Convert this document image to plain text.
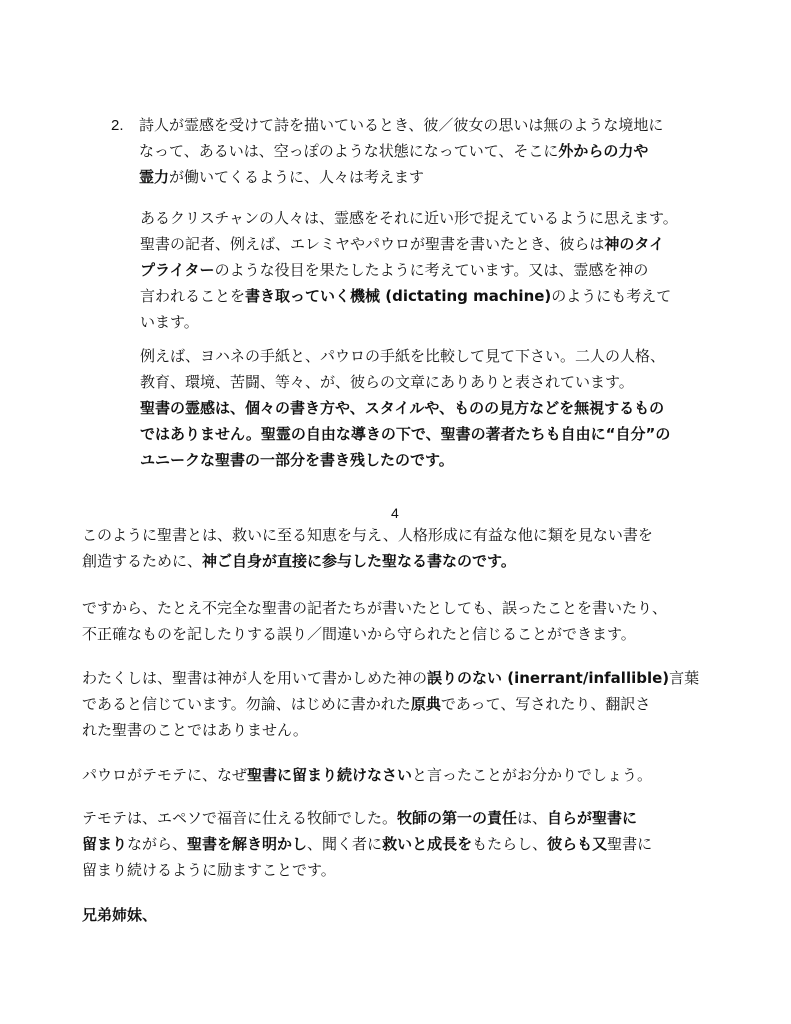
2. 詩人が霊感を受けて詩を描いているとき、彼／彼女の思いは無のような境地に
なって、あるいは、空っぽのような状態になっていて、そこに外からの力や
霊力が働いてくるように、人々は考えます
あるクリスチャンの人々は、霊感をそれに近い形で捉えているように思えます。
聖書の記者、例えば、エレミヤやパウロが聖書を書いたとき、彼らは神のタイ
プライターのような役目を果たしたように考えています。又は、霊感を神の
言われることを書き取っていく機械 (dictating machine)のようにも考えて
います。
例えば、ヨハネの手紙と、パウロの手紙を比較して見て下さい。二人の人格、
教育、環境、苦闘、等々、が、彼らの文章にありありと表されています。
聖書の霊感は、個々の書き方や、スタイルや、ものの見方などを無視するもの
ではありません。聖霊の自由な導きの下で、聖書の著者たちも自由に“自分”の
ユニークな聖書の一部分を書き残したのです。
4
このように聖書とは、救いに至る知恵を与え、人格形成に有益な他に類を見ない書を
創造するために、神ご自身が直接に参与した聖なる書なのです。
ですから、たとえ不完全な聖書の記者たちが書いたとしても、誤ったことを書いたり、
不正確なものを記したりする誤り／間違いから守られたと信じることができます。
わたくしは、聖書は神が人を用いて書かしめた神の誤りのない (inerrant/infallible)言葉
であると信じています。勿論、はじめに書かれた原典であって、写されたり、翻訳さ
れた聖書のことではありません。
パウロがテモテに、なぜ聖書に留まり続けなさいと言ったことがお分かりでしょう。
テモテは、エペソで福音に仕える牧師でした。牧師の第一の責任は、自らが聖書に
留まりながら、聖書を解き明かし、聞く者に救いと成長をもたらし、彼らも又聖書に
留まり続けるように励ますことです。
兄弟姉妹、
